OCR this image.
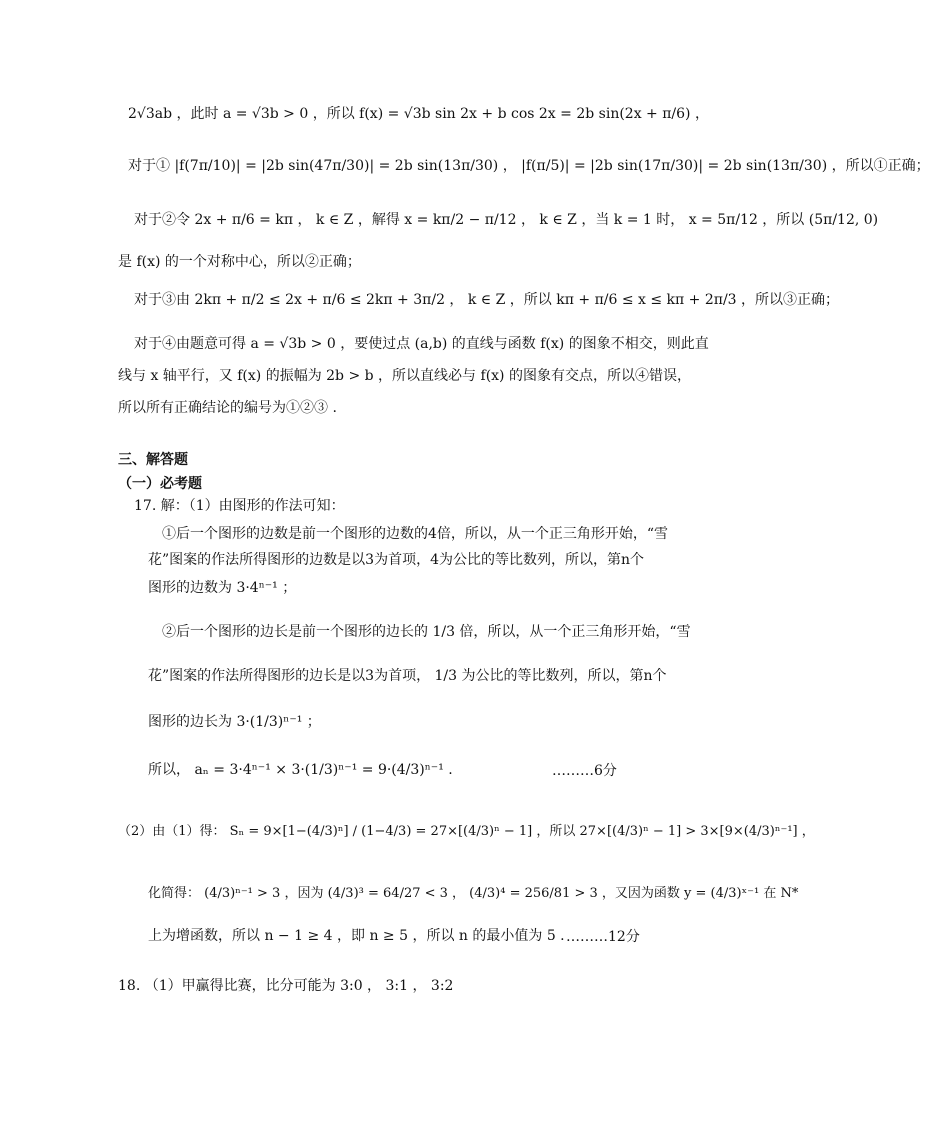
2√3ab ，此时 a = √3b > 0 ，所以 f(x) = √3b sin 2x + b cos 2x = 2b sin(2x + π/6) ，
对于① |f(7π/10)| = |2b sin(47π/30)| = 2b sin(13π/30) ， |f(π/5)| = |2b sin(17π/30)| = 2b sin(13π/30) ，所以①正确；
对于②令 2x + π/6 = kπ ， k ∈ Z ，解得 x = kπ/2 − π/12 ， k ∈ Z ，当 k = 1 时， x = 5π/12 ，所以 (5π/12, 0)
是 f(x) 的一个对称中心，所以②正确；
对于③由 2kπ + π/2 ≤ 2x + π/6 ≤ 2kπ + 3π/2 ， k ∈ Z ，所以 kπ + π/6 ≤ x ≤ kπ + 2π/3 ，所以③正确；
对于④由题意可得 a = √3b > 0 ，要使过点 (a,b) 的直线与函数 f(x) 的图象不相交，则此直
线与 x 轴平行，又 f(x) 的振幅为 2b > b ，所以直线必与 f(x) 的图象有交点，所以④错误，
所以所有正确结论的编号为①②③ .
三、解答题
（一）必考题
17. 解：（1）由图形的作法可知：
①后一个图形的边数是前一个图形的边数的4倍，所以，从一个正三角形开始，“雪
花”图案的作法所得图形的边数是以3为首项，4为公比的等比数列，所以，第n个
图形的边数为 3·4ⁿ⁻¹ ；
②后一个图形的边长是前一个图形的边长的 1/3 倍，所以，从一个正三角形开始，“雪
花”图案的作法所得图形的边长是以3为首项， 1/3 为公比的等比数列，所以，第n个
图形的边长为 3·(1/3)ⁿ⁻¹ ；
所以， aₙ = 3·4ⁿ⁻¹ × 3·(1/3)ⁿ⁻¹ = 9·(4/3)ⁿ⁻¹ .	………6分
（2）由（1）得： Sₙ = 9×[1−(4/3)ⁿ] / (1−4/3) = 27×[(4/3)ⁿ − 1] ，所以 27×[(4/3)ⁿ − 1] > 3×[9×(4/3)ⁿ⁻¹] ，
化简得： (4/3)ⁿ⁻¹ > 3 ，因为 (4/3)³ = 64/27 < 3 ， (4/3)⁴ = 256/81 > 3 ，又因为函数 y = (4/3)ˣ⁻¹ 在 N*
上为增函数，所以 n − 1 ≥ 4 ，即 n ≥ 5 ，所以 n 的最小值为 5 . ………12分
18. （1）甲赢得比赛，比分可能为 3:0 ， 3:1 ， 3:2
